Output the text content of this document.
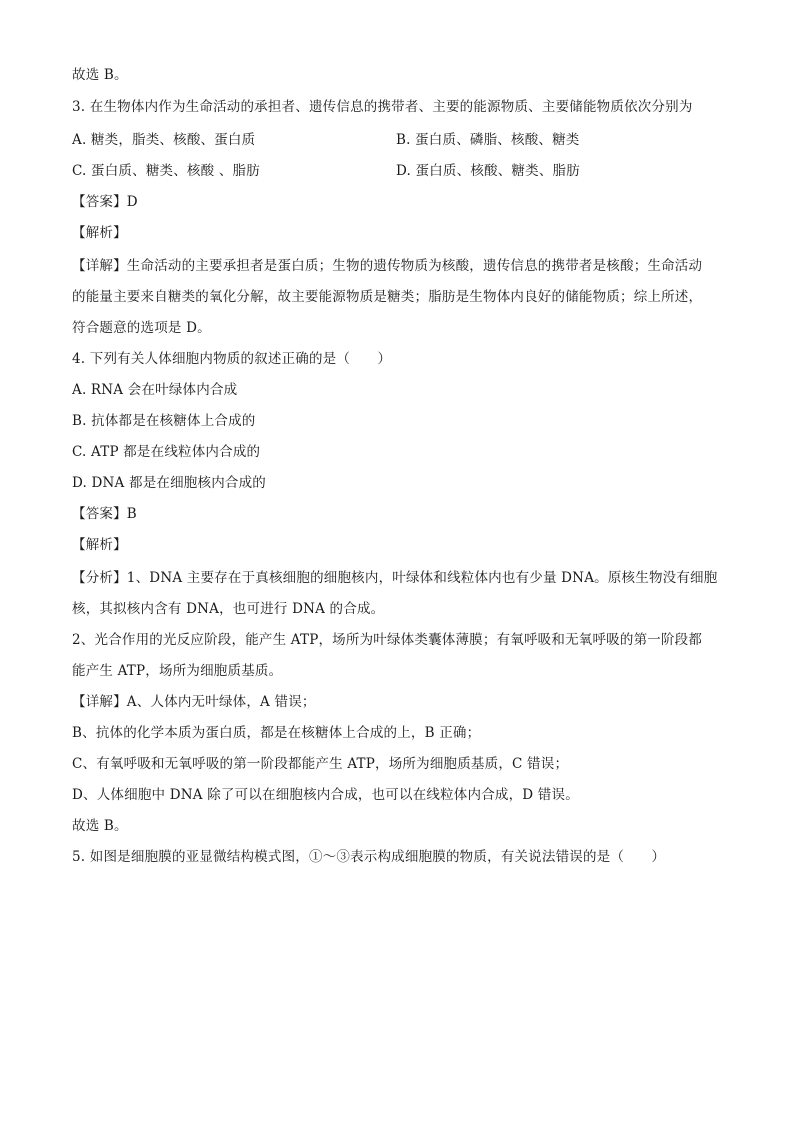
故选 B。
3. 在生物体内作为生命活动的承担者、遗传信息的携带者、主要的能源物质、主要储能物质依次分别为
A. 糖类，脂类、核酸、蛋白质	B. 蛋白质、磷脂、核酸、糖类
C. 蛋白质、糖类、核酸 、脂肪	D. 蛋白质、核酸、糖类、脂肪
【答案】D
【解析】
【详解】生命活动的主要承担者是蛋白质；生物的遗传物质为核酸，遗传信息的携带者是核酸；生命活动
的能量主要来自糖类的氧化分解，故主要能源物质是糖类；脂肪是生物体内良好的储能物质；综上所述，
符合题意的选项是 D。
4. 下列有关人体细胞内物质的叙述正确的是（　　）
A. RNA 会在叶绿体内合成
B. 抗体都是在核糖体上合成的
C. ATP 都是在线粒体内合成的
D. DNA 都是在细胞核内合成的
【答案】B
【解析】
【分析】1、DNA 主要存在于真核细胞的细胞核内，叶绿体和线粒体内也有少量 DNA。原核生物没有细胞
核，其拟核内含有 DNA，也可进行 DNA 的合成。
2、光合作用的光反应阶段，能产生 ATP，场所为叶绿体类囊体薄膜；有氧呼吸和无氧呼吸的第一阶段都
能产生 ATP，场所为细胞质基质。
【详解】A、人体内无叶绿体，A 错误；
B、抗体的化学本质为蛋白质，都是在核糖体上合成的上，B 正确；
C、有氧呼吸和无氧呼吸的第一阶段都能产生 ATP，场所为细胞质基质，C 错误；
D、人体细胞中 DNA 除了可以在细胞核内合成，也可以在线粒体内合成，D 错误。
故选 B。
5. 如图是细胞膜的亚显微结构模式图，①～③表示构成细胞膜的物质，有关说法错误的是（　　）
